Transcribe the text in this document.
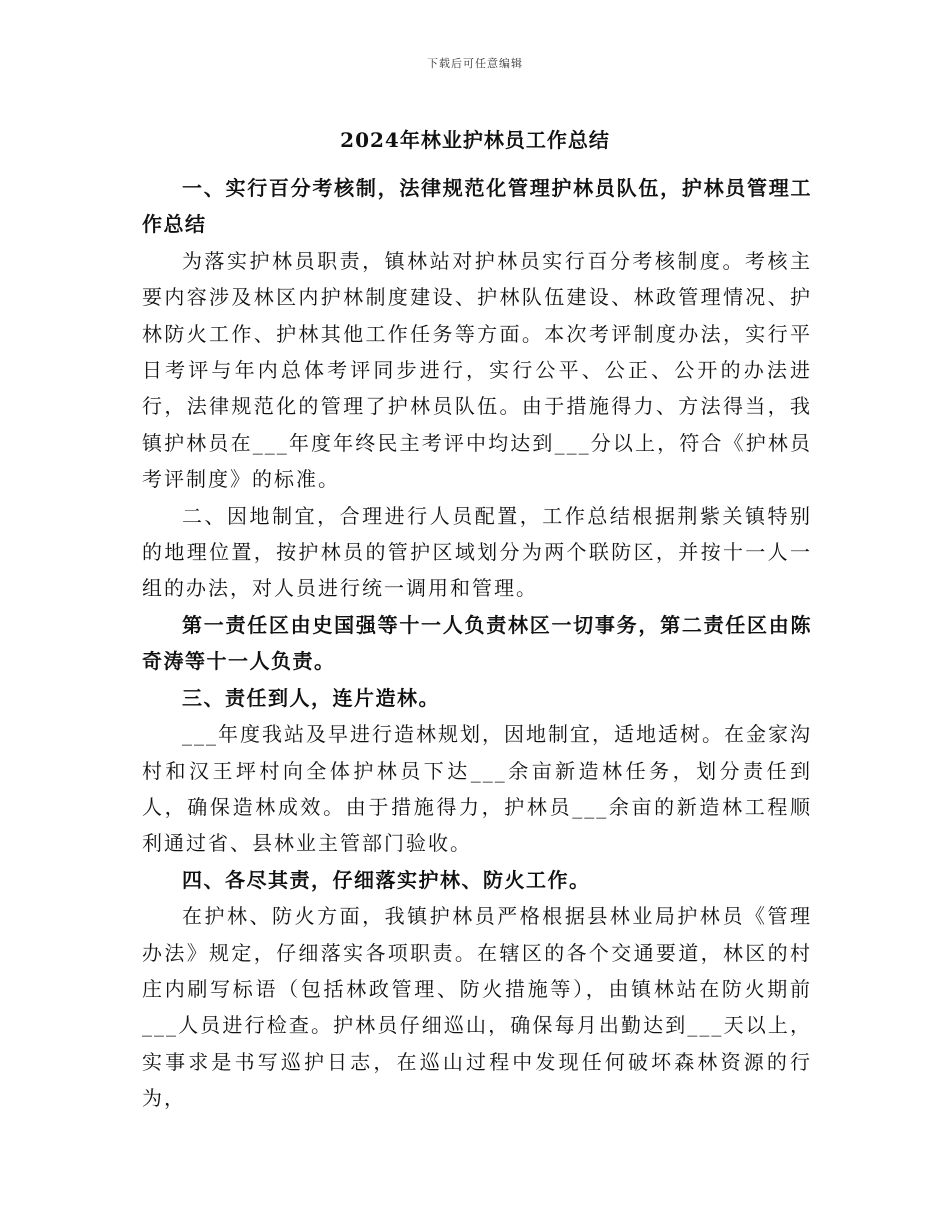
下载后可任意编辑
2024年林业护林员工作总结

一、实行百分考核制，法律规范化管理护林员队伍，护林员管理工作总结

为落实护林员职责，镇林站对护林员实行百分考核制度。考核主要内容涉及林区内护林制度建设、护林队伍建设、林政管理情况、护林防火工作、护林其他工作任务等方面。本次考评制度办法，实行平日考评与年内总体考评同步进行，实行公平、公正、公开的办法进行，法律规范化的管理了护林员队伍。由于措施得力、方法得当，我镇护林员在___年度年终民主考评中均达到___分以上，符合《护林员考评制度》的标准。

二、因地制宜，合理进行人员配置，工作总结根据荆紫关镇特别的地理位置，按护林员的管护区域划分为两个联防区，并按十一人一组的办法，对人员进行统一调用和管理。

第一责任区由史国强等十一人负责林区一切事务，第二责任区由陈奇涛等十一人负责。

三、责任到人，连片造林。

___年度我站及早进行造林规划，因地制宜，适地适树。在金家沟村和汉王坪村向全体护林员下达___余亩新造林任务，划分责任到人，确保造林成效。由于措施得力，护林员___余亩的新造林工程顺利通过省、县林业主管部门验收。

四、各尽其责，仔细落实护林、防火工作。

在护林、防火方面，我镇护林员严格根据县林业局护林员《管理办法》规定，仔细落实各项职责。在辖区的各个交通要道，林区的村庄内刷写标语（包括林政管理、防火措施等），由镇林站在防火期前___人员进行检查。护林员仔细巡山，确保每月出勤达到___天以上，实事求是书写巡护日志，在巡山过程中发现任何破坏森林资源的行为，
